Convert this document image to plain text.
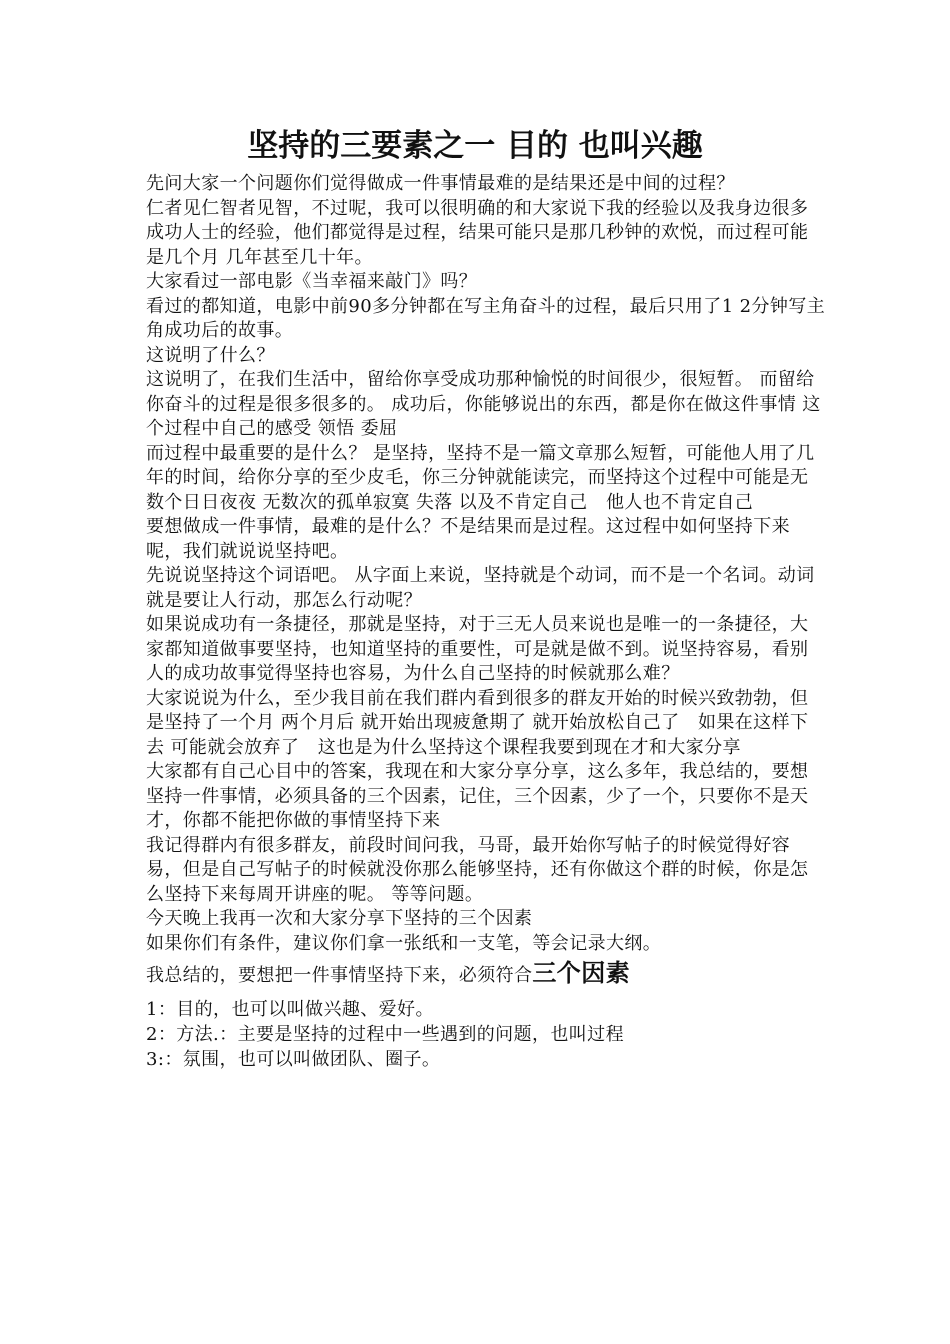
坚持的三要素之一 目的 也叫兴趣

先问大家一个问题你们觉得做成一件事情最难的是结果还是中间的过程？

仁者见仁智者见智，不过呢，我可以很明确的和大家说下我的经验以及我身边很多成功人士的经验，他们都觉得是过程，结果可能只是那几秒钟的欢悦，而过程可能是几个月 几年甚至几十年。

大家看过一部电影《当幸福来敲门》吗？

看过的都知道，电影中前90多分钟都在写主角奋斗的过程，最后只用了1 2分钟写主角成功后的故事。

这说明了什么？

这说明了，在我们生活中，留给你享受成功那种愉悦的时间很少，很短暂。 而留给你奋斗的过程是很多很多的。 成功后，你能够说出的东西，都是你在做这件事情 这个过程中自己的感受 领悟 委屈

而过程中最重要的是什么？ 是坚持，坚持不是一篇文章那么短暂，可能他人用了几年的时间，给你分享的至少皮毛，你三分钟就能读完，而坚持这个过程中可能是无数个日日夜夜 无数次的孤单寂寞 失落 以及不肯定自己　他人也不肯定自己

要想做成一件事情，最难的是什么？不是结果而是过程。这过程中如何坚持下来呢，我们就说说坚持吧。

先说说坚持这个词语吧。 从字面上来说，坚持就是个动词，而不是一个名词。动词就是要让人行动，那怎么行动呢？

如果说成功有一条捷径，那就是坚持，对于三无人员来说也是唯一的一条捷径，大家都知道做事要坚持，也知道坚持的重要性，可是就是做不到。说坚持容易，看别人的成功故事觉得坚持也容易，为什么自己坚持的时候就那么难？

大家说说为什么，至少我目前在我们群内看到很多的群友开始的时候兴致勃勃，但是坚持了一个月 两个月后 就开始出现疲惫期了 就开始放松自己了　如果在这样下去 可能就会放弃了　这也是为什么坚持这个课程我要到现在才和大家分享

大家都有自己心目中的答案，我现在和大家分享分享，这么多年，我总结的，要想坚持一件事情，必须具备的三个因素，记住，三个因素，少了一个，只要你不是天才，你都不能把你做的事情坚持下来

我记得群内有很多群友，前段时间问我，马哥，最开始你写帖子的时候觉得好容易，但是自己写帖子的时候就没你那么能够坚持，还有你做这个群的时候，你是怎么坚持下来每周开讲座的呢。 等等问题。

今天晚上我再一次和大家分享下坚持的三个因素

如果你们有条件，建议你们拿一张纸和一支笔，等会记录大纲。

我总结的，要想把一件事情坚持下来，必须符合三个因素

1：目的，也可以叫做兴趣、爱好。

2：方法.：主要是坚持的过程中一些遇到的问题，也叫过程

3:：氛围，也可以叫做团队、圈子。
